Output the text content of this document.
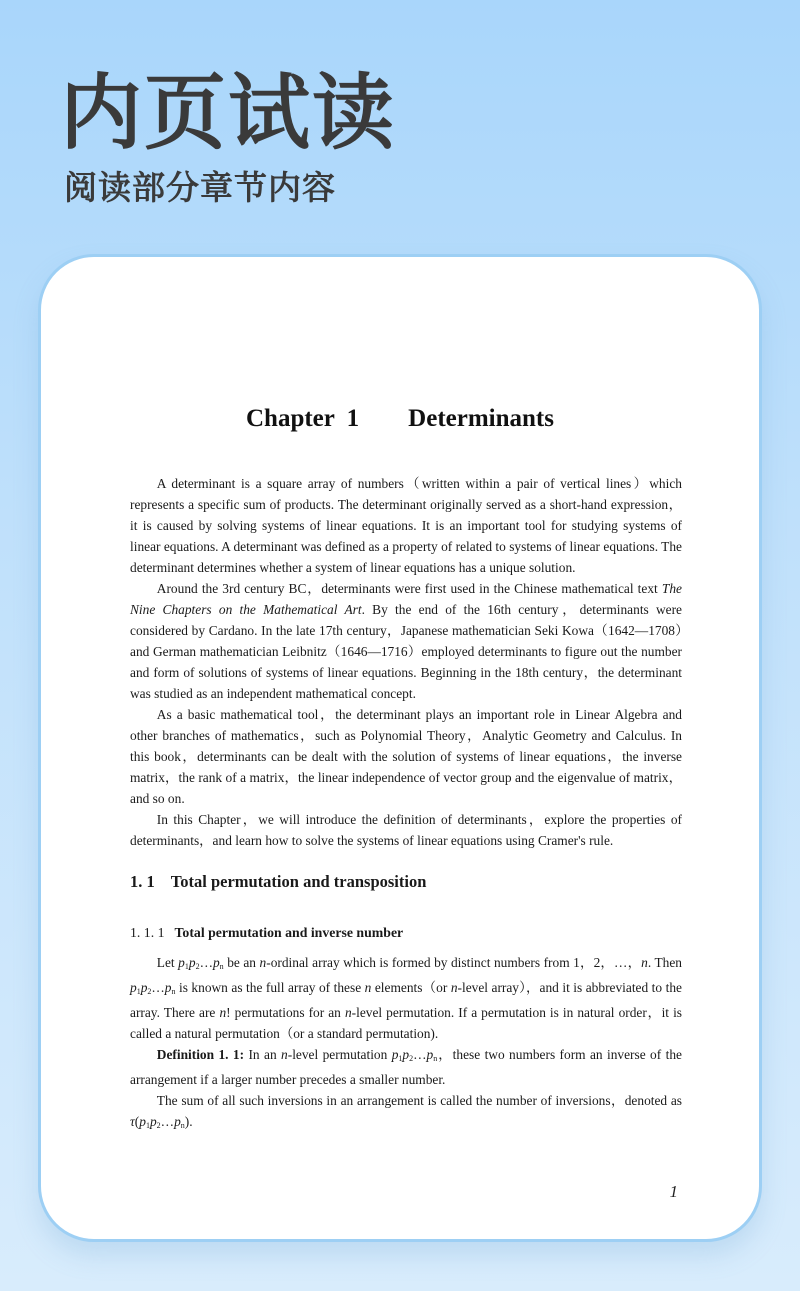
内页试读
阅读部分章节内容
Chapter 1    Determinants

A determinant is a square array of numbers（written within a pair of vertical lines）which represents a specific sum of products. The determinant originally served as a short-hand expression，it is caused by solving systems of linear equations. It is an important tool for studying systems of linear equations. A determinant was defined as a property of related to systems of linear equations. The determinant determines whether a system of linear equations has a unique solution.

Around the 3rd century BC，determinants were first used in the Chinese mathematical text The Nine Chapters on the Mathematical Art. By the end of the 16th century，determinants were considered by Cardano. In the late 17th century，Japanese mathematician Seki Kowa（1642—1708）and German mathematician Leibnitz（1646—1716）employed determinants to figure out the number and form of solutions of systems of linear equations. Beginning in the 18th century，the determinant was studied as an independent mathematical concept.

As a basic mathematical tool，the determinant plays an important role in Linear Algebra and other branches of mathematics，such as Polynomial Theory，Analytic Geometry and Calculus. In this book，determinants can be dealt with the solution of systems of linear equations，the inverse matrix，the rank of a matrix，the linear independence of vector group and the eigenvalue of matrix，and so on.

In this Chapter，we will introduce the definition of determinants，explore the properties of determinants，and learn how to solve the systems of linear equations using Cramer's rule.

1. 1 Total permutation and transposition
1. 1. 1 Total permutation and inverse number

Let $p_1p_2\dots p_n$ be an n-ordinal array which is formed by distinct numbers from 1，2，…，n. Then $p_1p_2\dots p_n$ is known as the full array of these n elements（or n-level array），and it is abbreviated to the array. There are n! permutations for an n-level permutation. If a permutation is in natural order，it is called a natural permutation（or a standard permutation).

Definition 1. 1: In an n-level permutation $p_1p_2\dots p_n$，these two numbers form an inverse of the arrangement if a larger number precedes a smaller number.

The sum of all such inversions in an arrangement is called the number of inversions，denoted as $\tau(p_1p_2\dots p_n)$.

1
